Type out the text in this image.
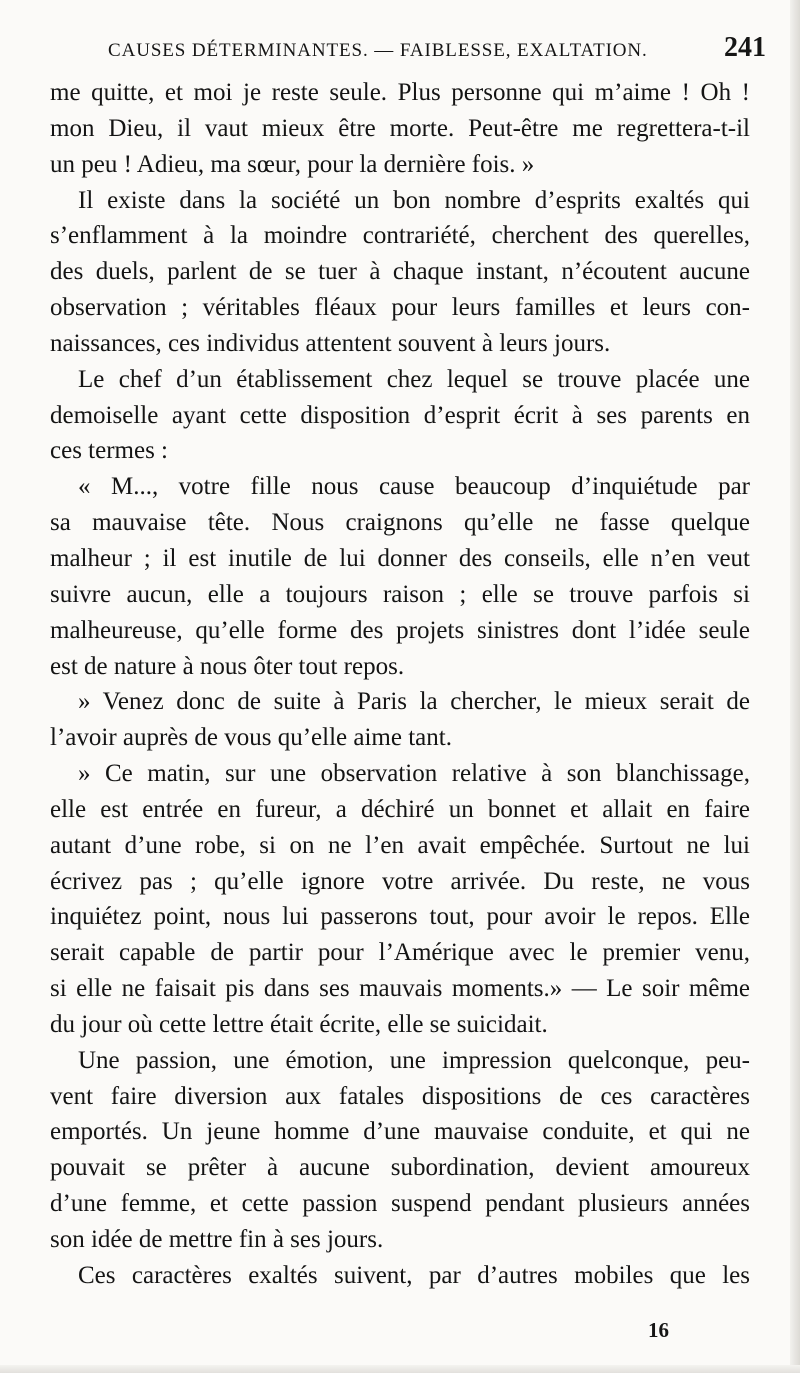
CAUSES DÉTERMINANTES. — FAIBLESSE, EXALTATION.	241
me quitte, et moi je reste seule. Plus personne qui m’aime ! Oh !
mon Dieu, il vaut mieux être morte. Peut-être me regrettera-t-il
un peu ! Adieu, ma sœur, pour la dernière fois. »
Il existe dans la société un bon nombre d’esprits exaltés qui
s’enflamment à la moindre contrariété, cherchent des querelles,
des duels, parlent de se tuer à chaque instant, n’écoutent aucune
observation ; véritables fléaux pour leurs familles et leurs con-
naissances, ces individus attentent souvent à leurs jours.
Le chef d’un établissement chez lequel se trouve placée une
demoiselle ayant cette disposition d’esprit écrit à ses parents en
ces termes :
« M..., votre fille nous cause beaucoup d’inquiétude par
sa mauvaise tête. Nous craignons qu’elle ne fasse quelque
malheur ; il est inutile de lui donner des conseils, elle n’en veut
suivre aucun, elle a toujours raison ; elle se trouve parfois si
malheureuse, qu’elle forme des projets sinistres dont l’idée seule
est de nature à nous ôter tout repos.
» Venez donc de suite à Paris la chercher, le mieux serait de
l’avoir auprès de vous qu’elle aime tant.
» Ce matin, sur une observation relative à son blanchissage,
elle est entrée en fureur, a déchiré un bonnet et allait en faire
autant d’une robe, si on ne l’en avait empêchée. Surtout ne lui
écrivez pas ; qu’elle ignore votre arrivée. Du reste, ne vous
inquiétez point, nous lui passerons tout, pour avoir le repos. Elle
serait capable de partir pour l’Amérique avec le premier venu,
si elle ne faisait pis dans ses mauvais moments.» — Le soir même
du jour où cette lettre était écrite, elle se suicidait.
Une passion, une émotion, une impression quelconque, peu-
vent faire diversion aux fatales dispositions de ces caractères
emportés. Un jeune homme d’une mauvaise conduite, et qui ne
pouvait se prêter à aucune subordination, devient amoureux
d’une femme, et cette passion suspend pendant plusieurs années
son idée de mettre fin à ses jours.
Ces caractères exaltés suivent, par d’autres mobiles que les
16
